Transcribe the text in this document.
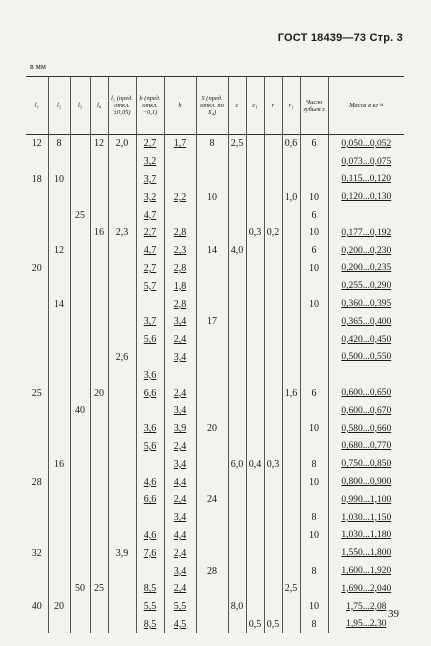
ГОСТ 18439—73 Стр. 3
в мм
l₁	l₂	l₃	l₄	l₅ (пред. откл. ±0,05)	b (пред. откл. −0,1)	h	S (пред. откл. по X₄)	c	c₁	r	r₁	Число зубьев z	Масса в кг ≈
12	8		12	2,0	2,7	1,7	8	2,5			0,6	6	0,050...0,052
					3,2								0,073...0,075
18	10				3,7								0,115...0,120
					3,2	2,2	10				1,0	10	0,120...0,130
		25			4,7							6	
			16	2,3	2,7	2,8			0,3	0,2		10	0,177...0,192
	12				4,7	2,3	14	4,0				6	0,200...0,230
20					2,7	2,8						10	0,200...0,235
					5,7	1,8							0,255...0,290
	14					2,8						10	0,360...0,395
					3,7	3,4	17						0,365...0,400
					5,6	2,4							0,420...0,450
				2,6		3,4							0,500...0,550
					3,6								
25			20		6,6	2,4					1,6	6	0,600...0,650
		40				3,4							0,600...0,670
					3,6	3,9	20					10	0,580...0,660
					5,6	2,4							0,680...0,770
	16					3,4		6,0	0,4	0,3		8	0,750...0,850
28					4,6	4,4						10	0,800...0,900
					6,6	2,4	24						0,990...1,100
						3,4						8	1,030...1,150
					4,6	4,4						10	1,030...1,180
32				3,9	7,6	2,4							1,550...1,800
						3,4	28					8	1,600...1,920
		50	25		8,5	2,4					2,5		1,690...2,040
40	20				5,5	5,5		8,0				10	1,75...2,08
					8,5	4,5			0,5	0,5		8	1,95...2,30
39
